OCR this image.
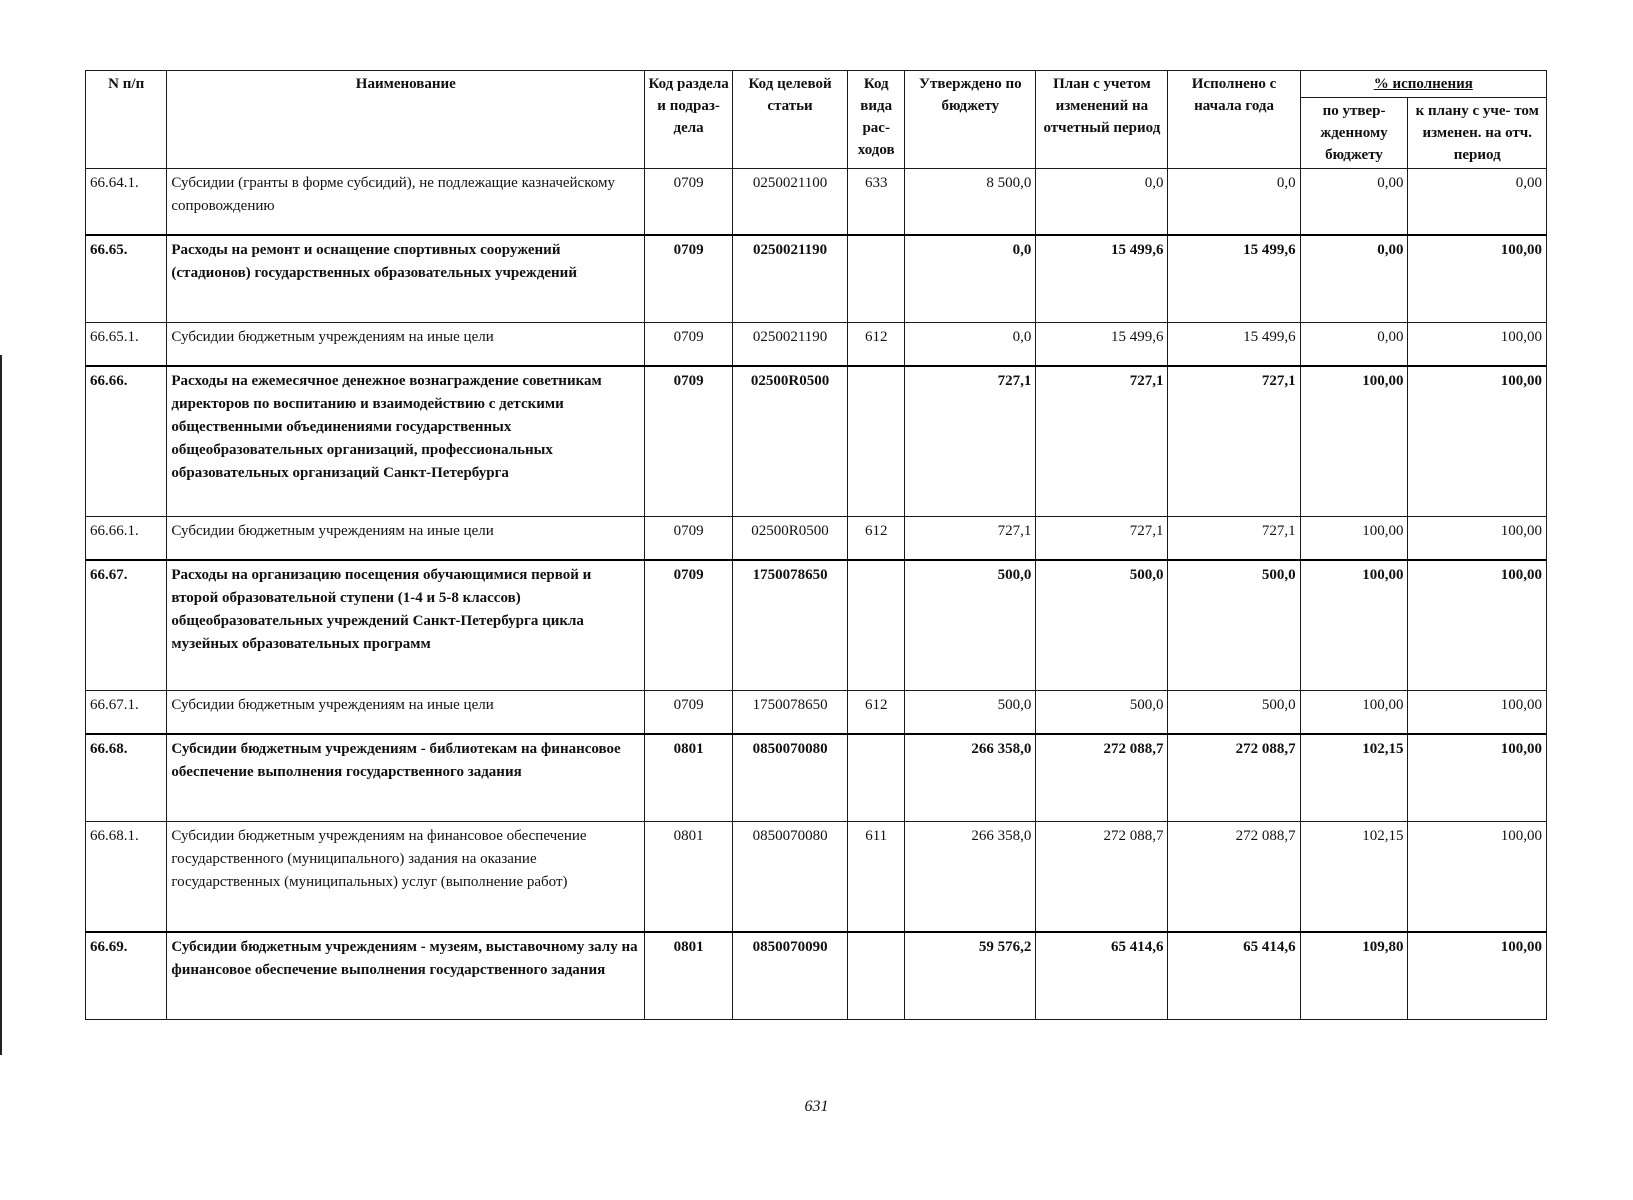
N п/п	Наименование	Код раздела и подраз- дела	Код целевой статьи	Код вида рас- ходов	Утверждено по бюджету	План с учетом изменений на отчетный период	Исполнено с начала года	% исполнения	
								по утвер- жденному бюджету	к плану с уче- том изменен. на отч. период
66.64.1.	Субсидии (гранты в форме субсидий), не подлежащие казначейскому сопровождению	0709	0250021100	633	8 500,0	0,0	0,0	0,00	0,00
66.65.	Расходы на ремонт и оснащение спортивных сооружений (стадионов) государственных образовательных учреждений	0709	0250021190		0,0	15 499,6	15 499,6	0,00	100,00
66.65.1.	Субсидии бюджетным учреждениям на иные цели	0709	0250021190	612	0,0	15 499,6	15 499,6	0,00	100,00
66.66.	Расходы на ежемесячное денежное вознаграждение советникам директоров по воспитанию и взаимодействию с детскими общественными объединениями государственных общеобразовательных организаций, профессиональных образовательных организаций Санкт-Петербурга	0709	02500R0500		727,1	727,1	727,1	100,00	100,00
66.66.1.	Субсидии бюджетным учреждениям на иные цели	0709	02500R0500	612	727,1	727,1	727,1	100,00	100,00
66.67.	Расходы на организацию посещения обучающимися первой и второй образовательной ступени (1-4 и 5-8 классов) общеобразовательных учреждений Санкт-Петербурга цикла музейных образовательных программ	0709	1750078650		500,0	500,0	500,0	100,00	100,00
66.67.1.	Субсидии бюджетным учреждениям на иные цели	0709	1750078650	612	500,0	500,0	500,0	100,00	100,00
66.68.	Субсидии бюджетным учреждениям - библиотекам на финансовое обеспечение выполнения государственного задания	0801	0850070080		266 358,0	272 088,7	272 088,7	102,15	100,00
66.68.1.	Субсидии бюджетным учреждениям на финансовое обеспечение государственного (муниципального) задания на оказание государственных (муниципальных) услуг (выполнение работ)	0801	0850070080	611	266 358,0	272 088,7	272 088,7	102,15	100,00
66.69.	Субсидии бюджетным учреждениям - музеям, выставочному залу на финансовое обеспечение выполнения государственного задания	0801	0850070090		59 576,2	65 414,6	65 414,6	109,80	100,00
631
